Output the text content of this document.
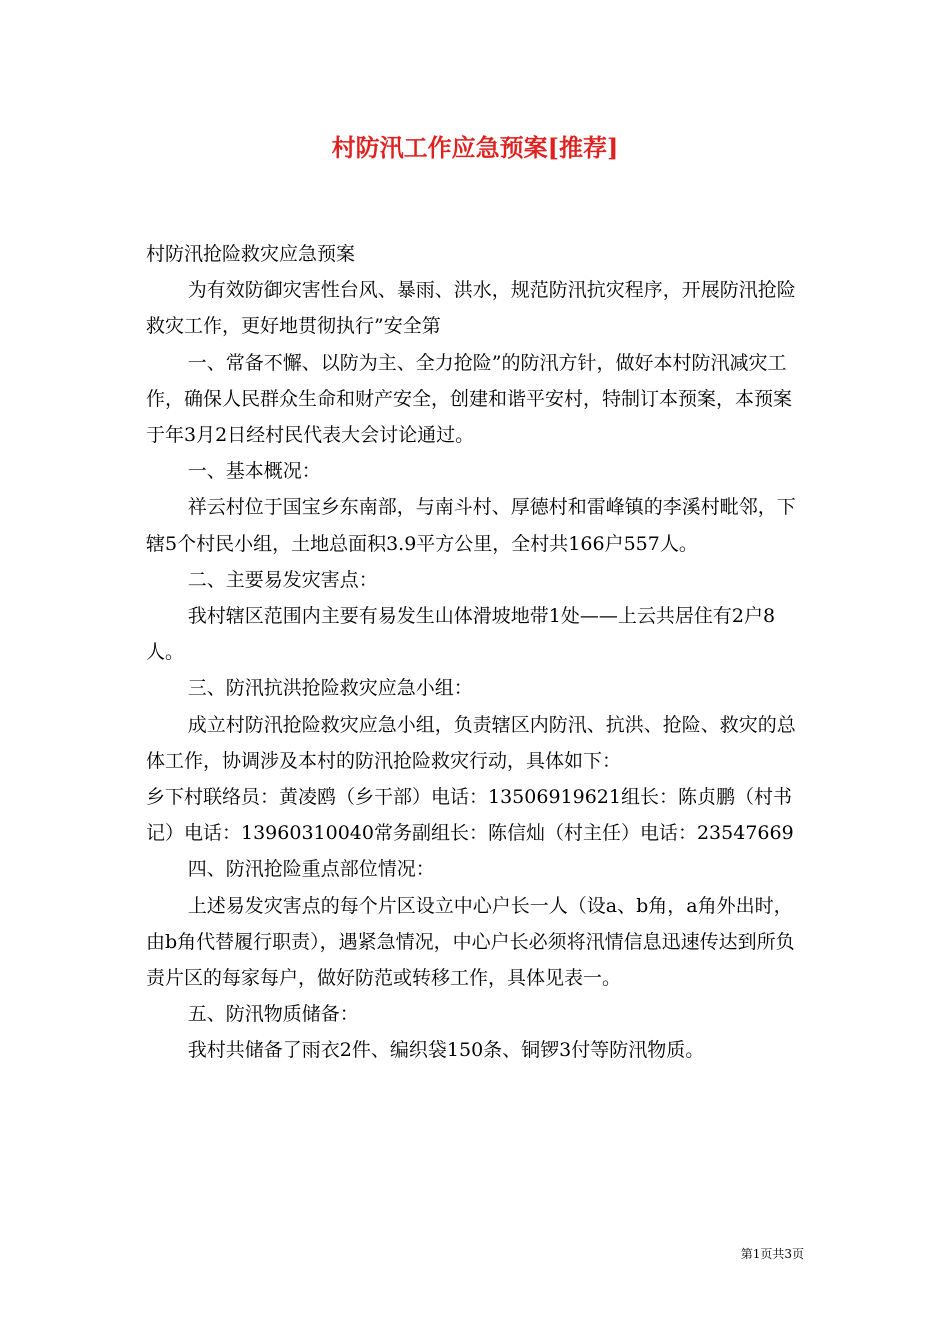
村防汛工作应急预案[推荐]

村防汛抢险救灾应急预案

为有效防御灾害性台风、暴雨、洪水，规范防汛抗灾程序，开展防汛抢险救灾工作，更好地贯彻执行”安全第

一、常备不懈、以防为主、全力抢险”的防汛方针，做好本村防汛减灾工作，确保人民群众生命和财产安全，创建和谐平安村，特制订本预案，本预案于年3月2日经村民代表大会讨论通过。

一、基本概况：

祥云村位于国宝乡东南部，与南斗村、厚德村和雷峰镇的李溪村毗邻，下辖5个村民小组，土地总面积3.9平方公里，全村共166户557人。

二、主要易发灾害点：

我村辖区范围内主要有易发生山体滑坡地带1处——上云共居住有2户8人。

三、防汛抗洪抢险救灾应急小组：

成立村防汛抢险救灾应急小组，负责辖区内防汛、抗洪、抢险、救灾的总体工作，协调涉及本村的防汛抢险救灾行动，具体如下：

乡下村联络员：黄凌鸥（乡干部）电话：13506919621组长：陈贞鹏（村书记）电话：13960310040常务副组长：陈信灿（村主任）电话：23547669

四、防汛抢险重点部位情况：

上述易发灾害点的每个片区设立中心户长一人（设a、b角，a角外出时，由b角代替履行职责），遇紧急情况，中心户长必须将汛情信息迅速传达到所负责片区的每家每户，做好防范或转移工作，具体见表一。

五、防汛物质储备：

我村共储备了雨衣2件、编织袋150条、铜锣3付等防汛物质。

第1页共3页
